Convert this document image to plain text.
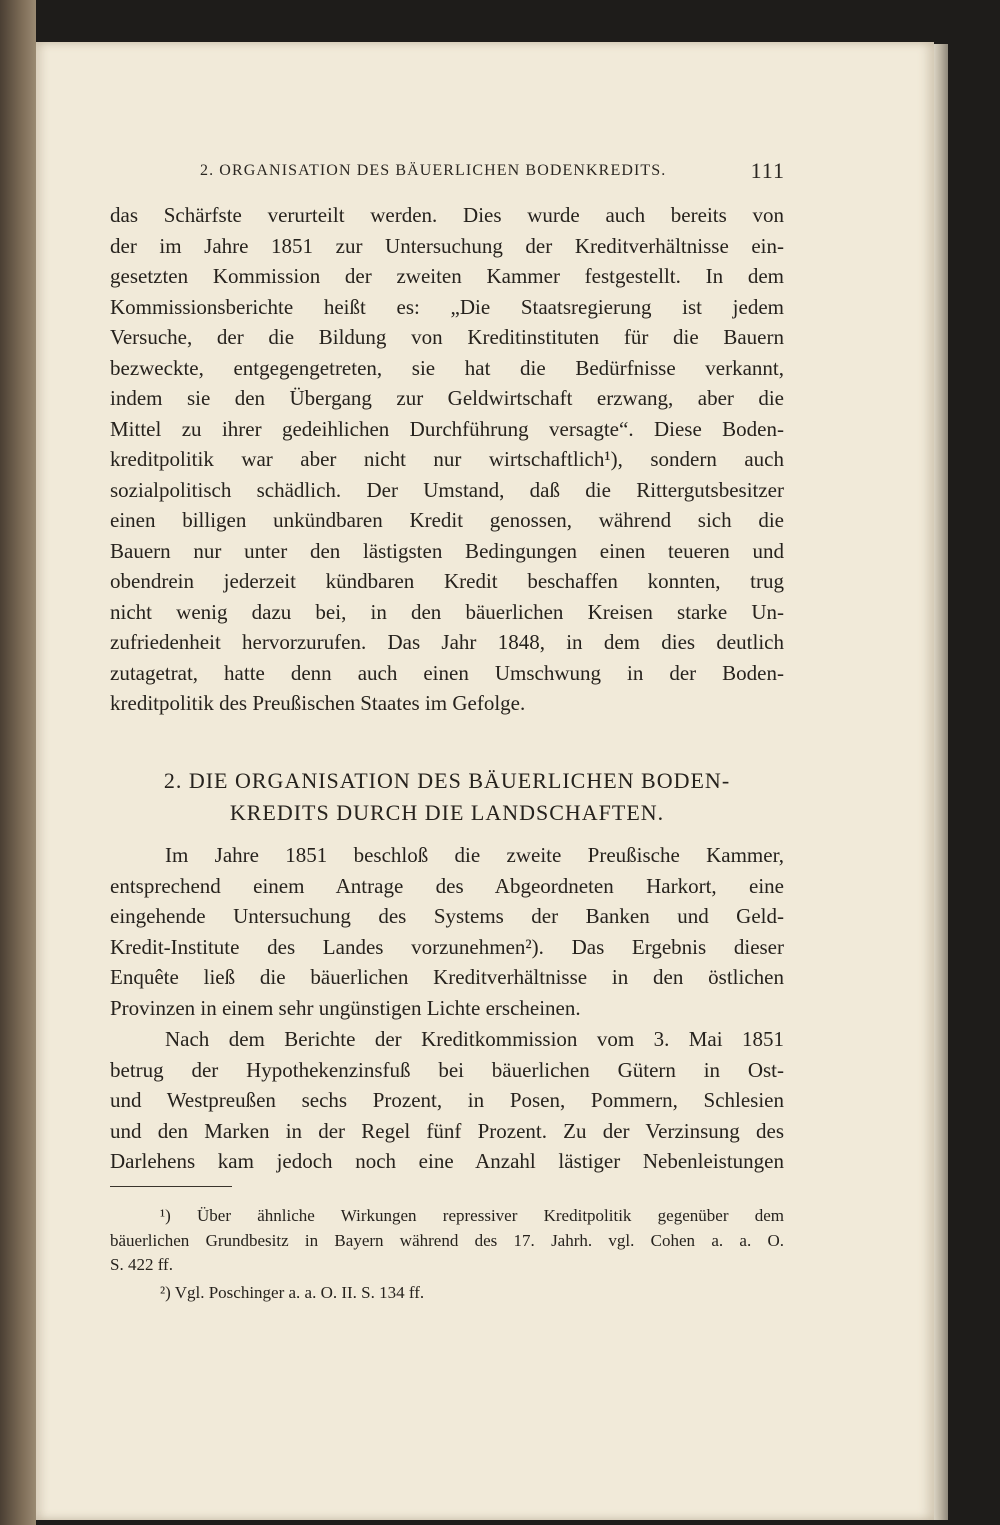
2. ORGANISATION DES BÄUERLICHEN BODENKREDITS.	111
das Schärfste verurteilt werden. Dies wurde auch bereits von
der im Jahre 1851 zur Untersuchung der Kreditverhältnisse ein-
gesetzten Kommission der zweiten Kammer festgestellt. In dem
Kommissionsberichte heißt es: „Die Staatsregierung ist jedem
Versuche, der die Bildung von Kreditinstituten für die Bauern
bezweckte, entgegengetreten, sie hat die Bedürfnisse verkannt,
indem sie den Übergang zur Geldwirtschaft erzwang, aber die
Mittel zu ihrer gedeihlichen Durchführung versagte“. Diese Boden-
kreditpolitik war aber nicht nur wirtschaftlich¹), sondern auch
sozialpolitisch schädlich. Der Umstand, daß die Rittergutsbesitzer
einen billigen unkündbaren Kredit genossen, während sich die
Bauern nur unter den lästigsten Bedingungen einen teueren und
obendrein jederzeit kündbaren Kredit beschaffen konnten, trug
nicht wenig dazu bei, in den bäuerlichen Kreisen starke Un-
zufriedenheit hervorzurufen. Das Jahr 1848, in dem dies deutlich
zutagetrat, hatte denn auch einen Umschwung in der Boden-
kreditpolitik des Preußischen Staates im Gefolge.
2. DIE ORGANISATION DES BÄUERLICHEN BODEN-
KREDITS DURCH DIE LANDSCHAFTEN.
Im Jahre 1851 beschloß die zweite Preußische Kammer,
entsprechend einem Antrage des Abgeordneten Harkort, eine
eingehende Untersuchung des Systems der Banken und Geld-
Kredit-Institute des Landes vorzunehmen²). Das Ergebnis dieser
Enquête ließ die bäuerlichen Kreditverhältnisse in den östlichen
Provinzen in einem sehr ungünstigen Lichte erscheinen.
Nach dem Berichte der Kreditkommission vom 3. Mai 1851
betrug der Hypothekenzinsfuß bei bäuerlichen Gütern in Ost-
und Westpreußen sechs Prozent, in Posen, Pommern, Schlesien
und den Marken in der Regel fünf Prozent. Zu der Verzinsung des
Darlehens kam jedoch noch eine Anzahl lästiger Nebenleistungen
¹) Über ähnliche Wirkungen repressiver Kreditpolitik gegenüber dem
bäuerlichen Grundbesitz in Bayern während des 17. Jahrh. vgl. Cohen a. a. O.
S. 422 ff.
²) Vgl. Poschinger a. a. O. II. S. 134 ff.
